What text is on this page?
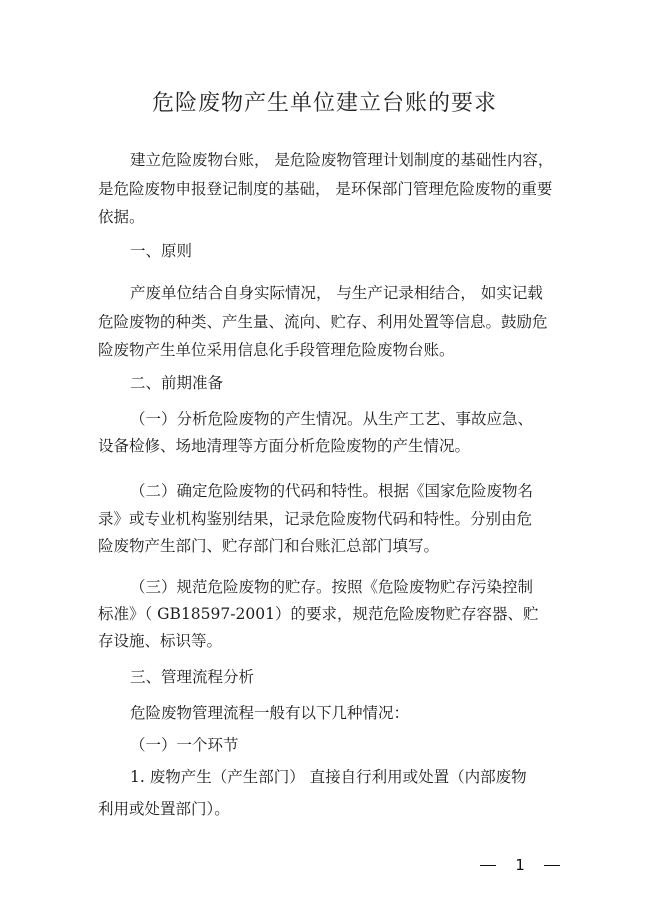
危险废物产生单位建立台账的要求
建立危险废物台账， 是危险废物管理计划制度的基础性内容，
是危险废物申报登记制度的基础， 是环保部门管理危险废物的重要
依据。
一、原则
产废单位结合自身实际情况， 与生产记录相结合， 如实记载
危险废物的种类、产生量、流向、贮存、利用处置等信息。鼓励危
险废物产生单位采用信息化手段管理危险废物台账。
二、前期准备
（一）分析危险废物的产生情况。从生产工艺、事故应急、
设备检修、场地清理等方面分析危险废物的产生情况。
（二）确定危险废物的代码和特性。根据《国家危险废物名
录》或专业机构鉴别结果，记录危险废物代码和特性。分别由危
险废物产生部门、贮存部门和台账汇总部门填写。
（三）规范危险废物的贮存。按照《危险废物贮存污染控制
标准》（ GB18597-2001）的要求，规范危险废物贮存容器、贮
存设施、标识等。
三、管理流程分析
危险废物管理流程一般有以下几种情况：
（一）一个环节
1. 废物产生（产生部门） 直接自行利用或处置（内部废物
利用或处置部门）。
1
